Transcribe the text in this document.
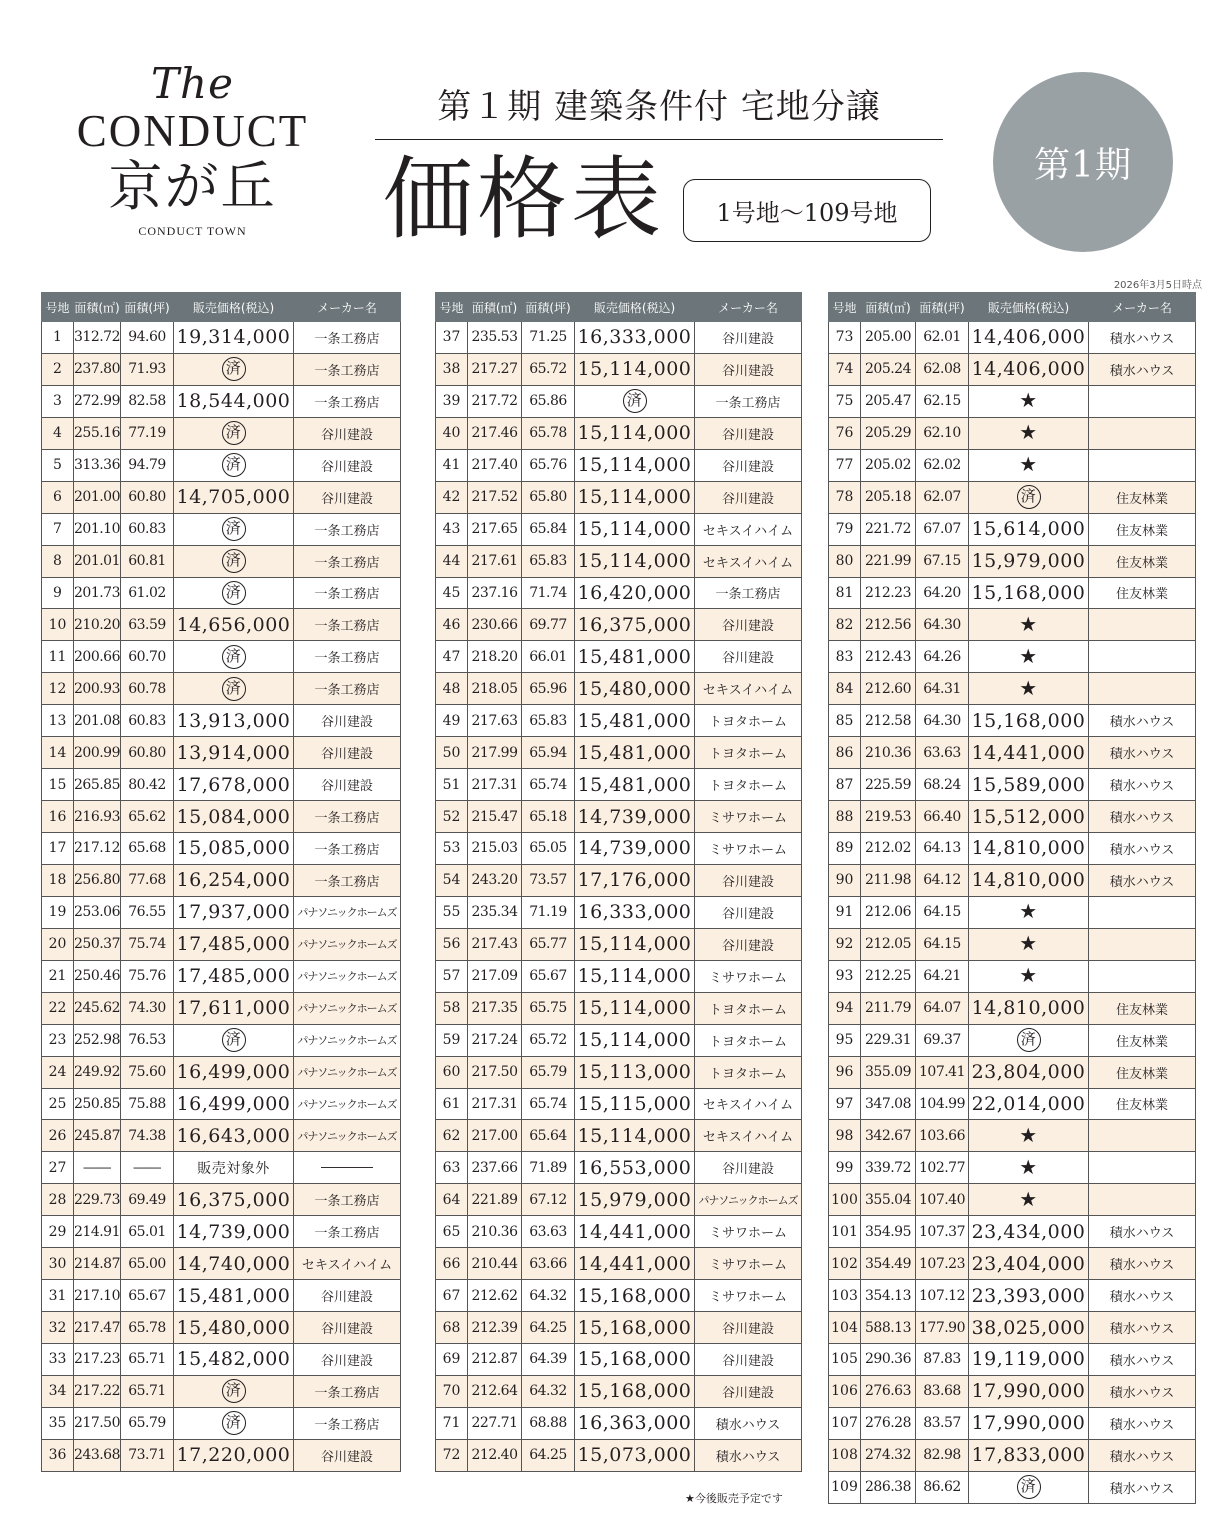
The
CONDUCT
京が丘
CONDUCT TOWN
第１期 建築条件付 宅地分譲
価格表	1号地～109号地
第1期
2026年3月5日時点
号地	面積(㎡)	面積(坪)	販売価格(税込)	メーカー名
1	312.72	94.60	19,314,000	一条工務店
2	237.80	71.93	済	一条工務店
3	272.99	82.58	18,544,000	一条工務店
4	255.16	77.19	済	谷川建設
5	313.36	94.79	済	谷川建設
6	201.00	60.80	14,705,000	谷川建設
7	201.10	60.83	済	一条工務店
8	201.01	60.81	済	一条工務店
9	201.73	61.02	済	一条工務店
10	210.20	63.59	14,656,000	一条工務店
11	200.66	60.70	済	一条工務店
12	200.93	60.78	済	一条工務店
13	201.08	60.83	13,913,000	谷川建設
14	200.99	60.80	13,914,000	谷川建設
15	265.85	80.42	17,678,000	谷川建設
16	216.93	65.62	15,084,000	一条工務店
17	217.12	65.68	15,085,000	一条工務店
18	256.80	77.68	16,254,000	一条工務店
19	253.06	76.55	17,937,000	パナソニックホームズ
20	250.37	75.74	17,485,000	パナソニックホームズ
21	250.46	75.76	17,485,000	パナソニックホームズ
22	245.62	74.30	17,611,000	パナソニックホームズ
23	252.98	76.53	済	パナソニックホームズ
24	249.92	75.60	16,499,000	パナソニックホームズ
25	250.85	75.88	16,499,000	パナソニックホームズ
26	245.87	74.38	16,643,000	パナソニックホームズ
27	――	――	販売対象外	――――
28	229.73	69.49	16,375,000	一条工務店
29	214.91	65.01	14,739,000	一条工務店
30	214.87	65.00	14,740,000	セキスイハイム
31	217.10	65.67	15,481,000	谷川建設
32	217.47	65.78	15,480,000	谷川建設
33	217.23	65.71	15,482,000	谷川建設
34	217.22	65.71	済	一条工務店
35	217.50	65.79	済	一条工務店
36	243.68	73.71	17,220,000	谷川建設
号地	面積(㎡)	面積(坪)	販売価格(税込)	メーカー名
37	235.53	71.25	16,333,000	谷川建設
38	217.27	65.72	15,114,000	谷川建設
39	217.72	65.86	済	一条工務店
40	217.46	65.78	15,114,000	谷川建設
41	217.40	65.76	15,114,000	谷川建設
42	217.52	65.80	15,114,000	谷川建設
43	217.65	65.84	15,114,000	セキスイハイム
44	217.61	65.83	15,114,000	セキスイハイム
45	237.16	71.74	16,420,000	一条工務店
46	230.66	69.77	16,375,000	谷川建設
47	218.20	66.01	15,481,000	谷川建設
48	218.05	65.96	15,480,000	セキスイハイム
49	217.63	65.83	15,481,000	トヨタホーム
50	217.99	65.94	15,481,000	トヨタホーム
51	217.31	65.74	15,481,000	トヨタホーム
52	215.47	65.18	14,739,000	ミサワホーム
53	215.03	65.05	14,739,000	ミサワホーム
54	243.20	73.57	17,176,000	谷川建設
55	235.34	71.19	16,333,000	谷川建設
56	217.43	65.77	15,114,000	谷川建設
57	217.09	65.67	15,114,000	ミサワホーム
58	217.35	65.75	15,114,000	トヨタホーム
59	217.24	65.72	15,114,000	トヨタホーム
60	217.50	65.79	15,113,000	トヨタホーム
61	217.31	65.74	15,115,000	セキスイハイム
62	217.00	65.64	15,114,000	セキスイハイム
63	237.66	71.89	16,553,000	谷川建設
64	221.89	67.12	15,979,000	パナソニックホームズ
65	210.36	63.63	14,441,000	ミサワホーム
66	210.44	63.66	14,441,000	ミサワホーム
67	212.62	64.32	15,168,000	ミサワホーム
68	212.39	64.25	15,168,000	谷川建設
69	212.87	64.39	15,168,000	谷川建設
70	212.64	64.32	15,168,000	谷川建設
71	227.71	68.88	16,363,000	積水ハウス
72	212.40	64.25	15,073,000	積水ハウス
号地	面積(㎡)	面積(坪)	販売価格(税込)	メーカー名
73	205.00	62.01	14,406,000	積水ハウス
74	205.24	62.08	14,406,000	積水ハウス
75	205.47	62.15	★	
76	205.29	62.10	★	
77	205.02	62.02	★	
78	205.18	62.07	済	住友林業
79	221.72	67.07	15,614,000	住友林業
80	221.99	67.15	15,979,000	住友林業
81	212.23	64.20	15,168,000	住友林業
82	212.56	64.30	★	
83	212.43	64.26	★	
84	212.60	64.31	★	
85	212.58	64.30	15,168,000	積水ハウス
86	210.36	63.63	14,441,000	積水ハウス
87	225.59	68.24	15,589,000	積水ハウス
88	219.53	66.40	15,512,000	積水ハウス
89	212.02	64.13	14,810,000	積水ハウス
90	211.98	64.12	14,810,000	積水ハウス
91	212.06	64.15	★	
92	212.05	64.15	★	
93	212.25	64.21	★	
94	211.79	64.07	14,810,000	住友林業
95	229.31	69.37	済	住友林業
96	355.09	107.41	23,804,000	住友林業
97	347.08	104.99	22,014,000	住友林業
98	342.67	103.66	★	
99	339.72	102.77	★	
100	355.04	107.40	★	
101	354.95	107.37	23,434,000	積水ハウス
102	354.49	107.23	23,404,000	積水ハウス
103	354.13	107.12	23,393,000	積水ハウス
104	588.13	177.90	38,025,000	積水ハウス
105	290.36	87.83	19,119,000	積水ハウス
106	276.63	83.68	17,990,000	積水ハウス
107	276.28	83.57	17,990,000	積水ハウス
108	274.32	82.98	17,833,000	積水ハウス
109	286.38	86.62	済	積水ハウス
★今後販売予定です
